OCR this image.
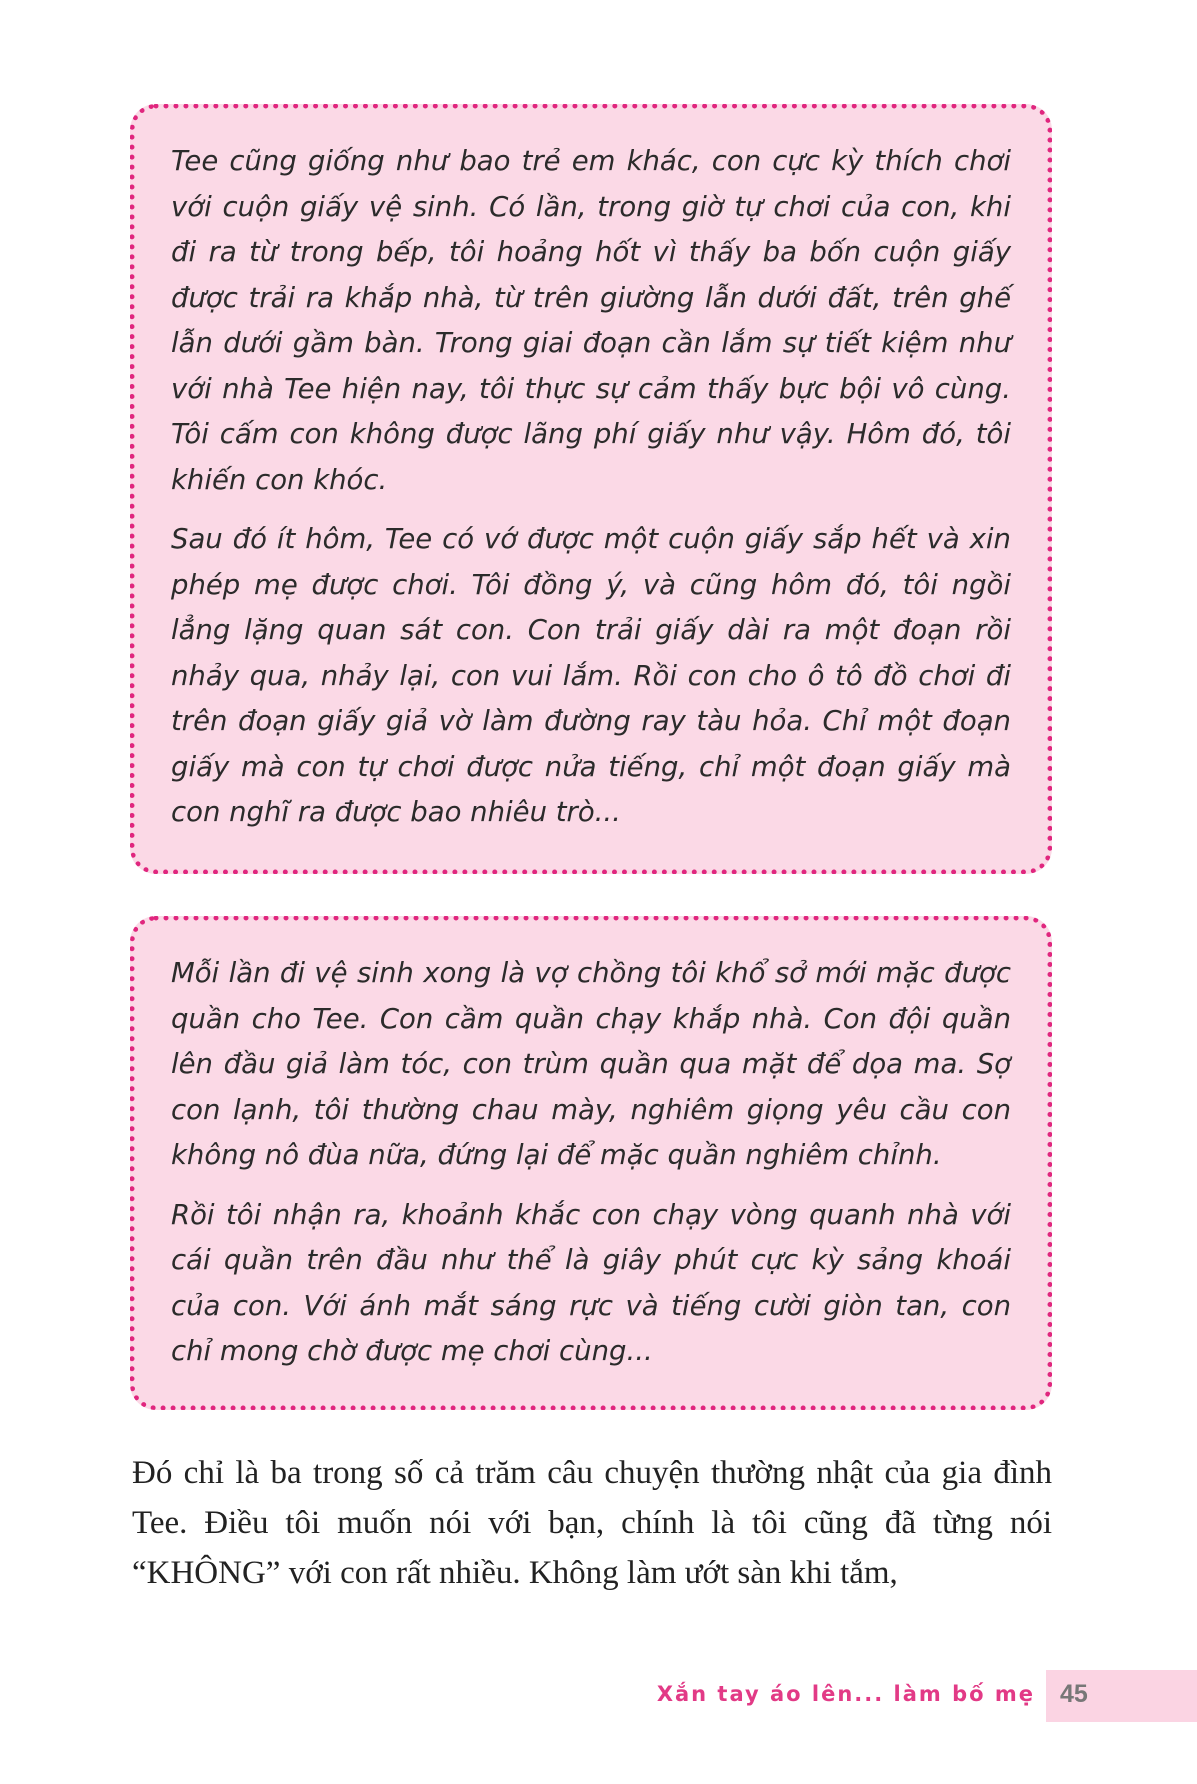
Tee cũng giống như bao trẻ em khác, con cực kỳ thích chơi với cuộn giấy vệ sinh. Có lần, trong giờ tự chơi của con, khi đi ra từ trong bếp, tôi hoảng hốt vì thấy ba bốn cuộn giấy được trải ra khắp nhà, từ trên giường lẫn dưới đất, trên ghế lẫn dưới gầm bàn. Trong giai đoạn cần lắm sự tiết kiệm như với nhà Tee hiện nay, tôi thực sự cảm thấy bực bội vô cùng. Tôi cấm con không được lãng phí giấy như vậy. Hôm đó, tôi khiến con khóc.

Sau đó ít hôm, Tee có vớ được một cuộn giấy sắp hết và xin phép mẹ được chơi. Tôi đồng ý, và cũng hôm đó, tôi ngồi lẳng lặng quan sát con. Con trải giấy dài ra một đoạn rồi nhảy qua, nhảy lại, con vui lắm. Rồi con cho ô tô đồ chơi đi trên đoạn giấy giả vờ làm đường ray tàu hỏa. Chỉ một đoạn giấy mà con tự chơi được nửa tiếng, chỉ một đoạn giấy mà con nghĩ ra được bao nhiêu trò...

Mỗi lần đi vệ sinh xong là vợ chồng tôi khổ sở mới mặc được quần cho Tee. Con cầm quần chạy khắp nhà. Con đội quần lên đầu giả làm tóc, con trùm quần qua mặt để dọa ma. Sợ con lạnh, tôi thường chau mày, nghiêm giọng yêu cầu con không nô đùa nữa, đứng lại để mặc quần nghiêm chỉnh.

Rồi tôi nhận ra, khoảnh khắc con chạy vòng quanh nhà với cái quần trên đầu như thể là giây phút cực kỳ sảng khoái của con. Với ánh mắt sáng rực và tiếng cười giòn tan, con chỉ mong chờ được mẹ chơi cùng...

Đó chỉ là ba trong số cả trăm câu chuyện thường nhật của gia đình Tee. Điều tôi muốn nói với bạn, chính là tôi cũng đã từng nói “KHÔNG” với con rất nhiều. Không làm ướt sàn khi tắm,

Xắn tay áo lên... làm bố mẹ 45
